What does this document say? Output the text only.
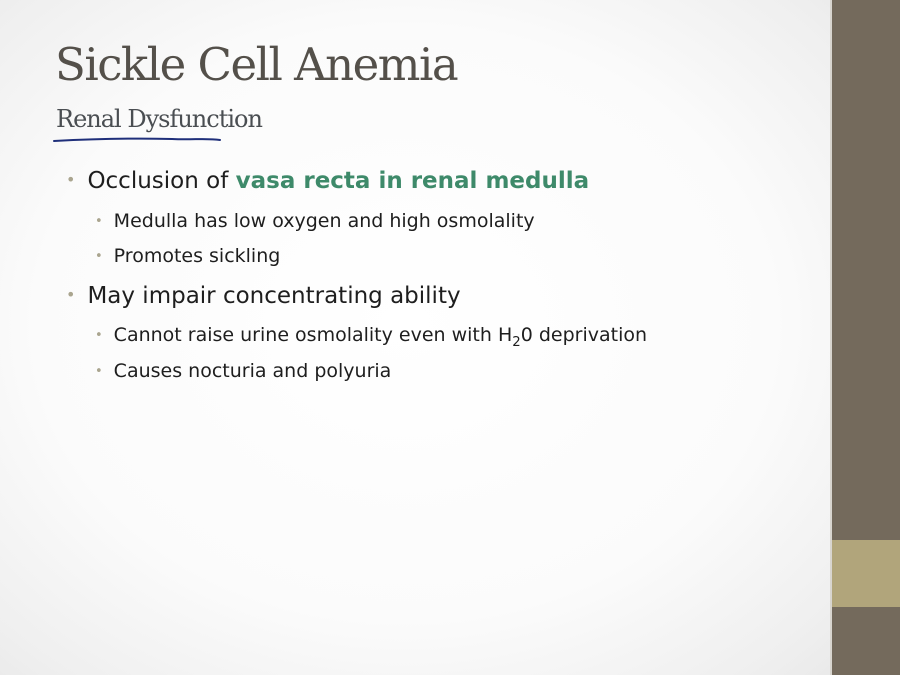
Sickle Cell Anemia
Renal Dysfunction
• Occlusion of vasa recta in renal medulla
• Medulla has low oxygen and high osmolality
• Promotes sickling
• May impair concentrating ability
• Cannot raise urine osmolality even with $H_20$ deprivation
• Causes nocturia and polyuria
